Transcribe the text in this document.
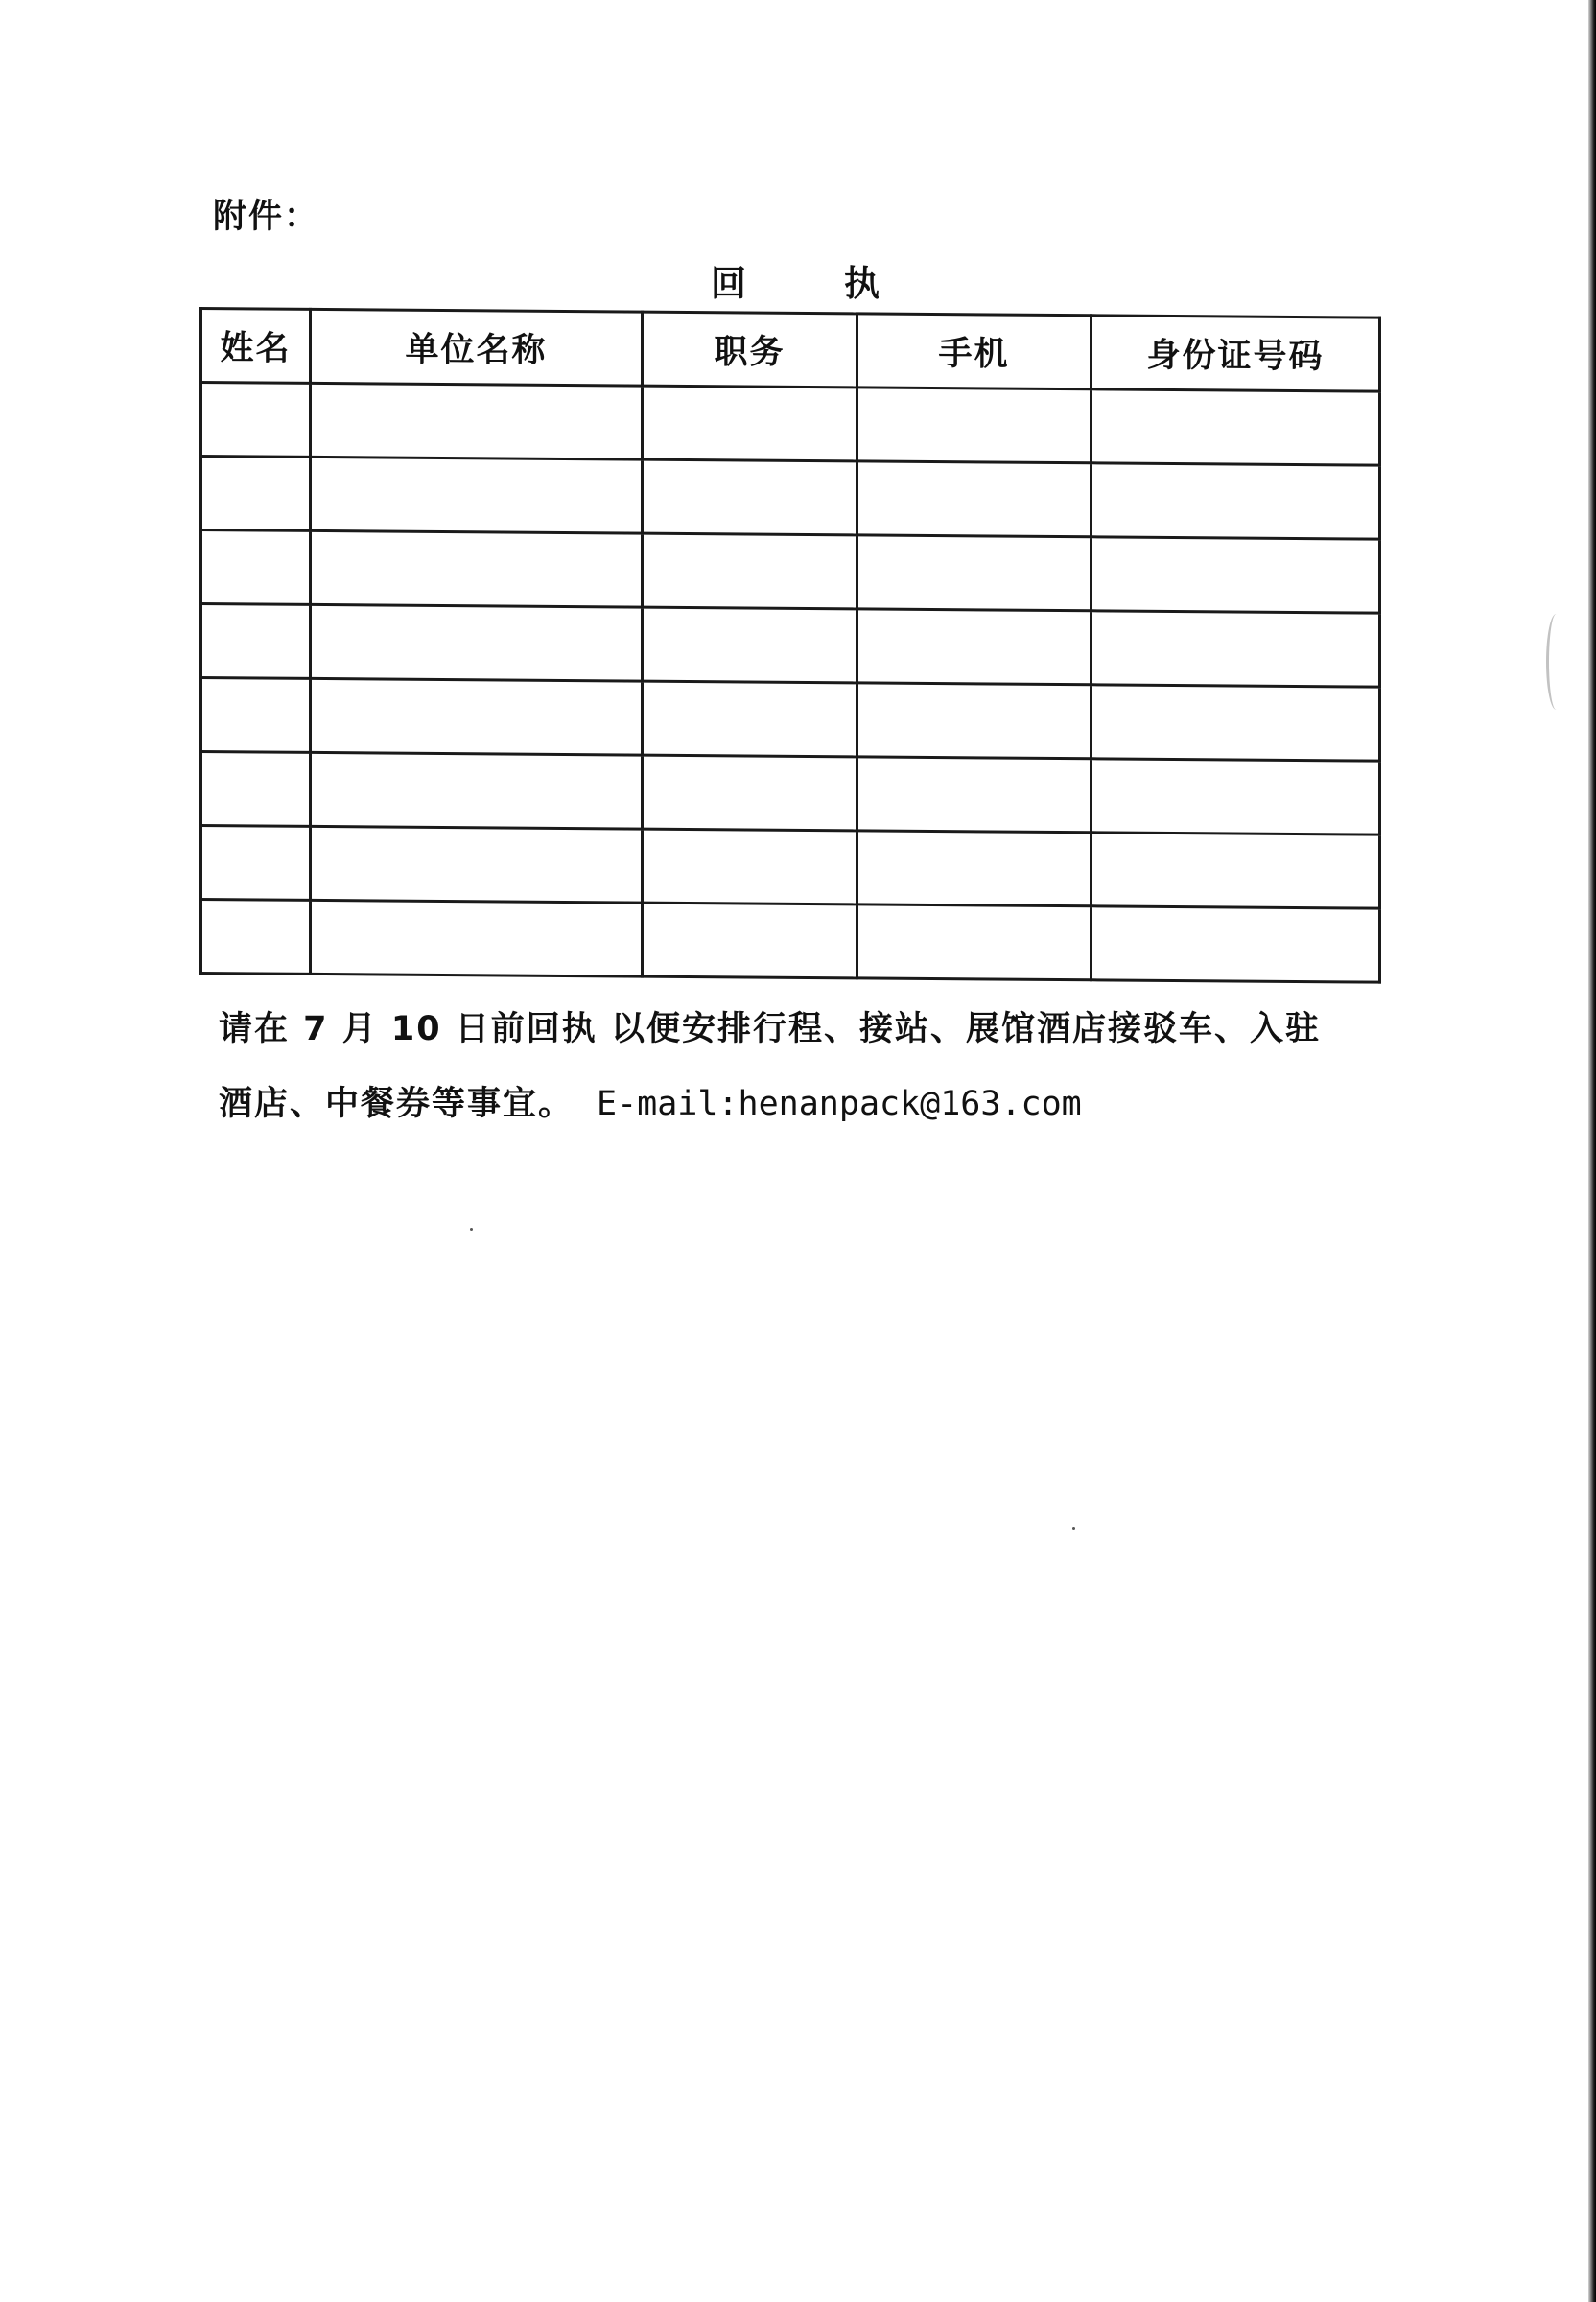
附件：
回	执
姓名	单位名称	职务	手机	身份证号码

请在 7 月 10 日前回执 以便安排行程、接站、展馆酒店接驳车、入驻
酒店、中餐券等事宜。 E-mail:henanpack@163.com
